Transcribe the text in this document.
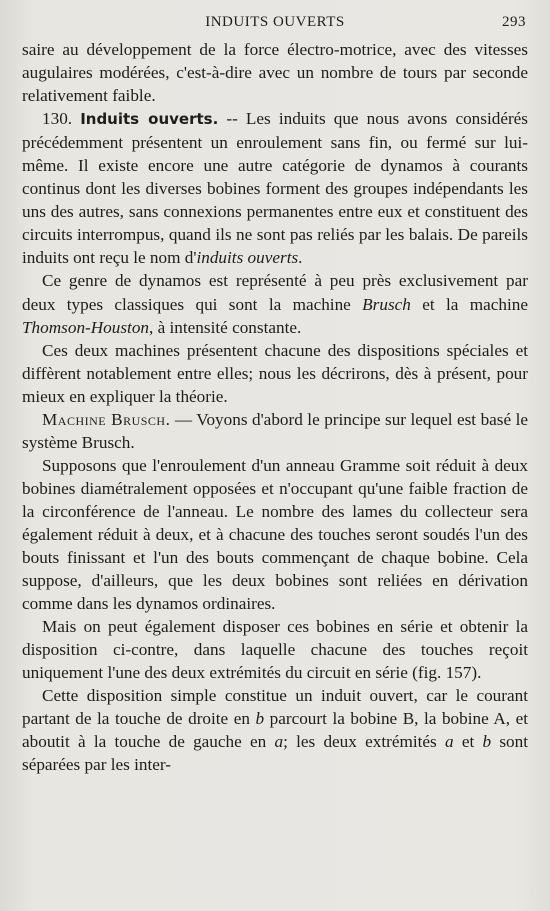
INDUITS OUVERTS	293

saire au développement de la force électro-motrice, avec des vitesses augulaires modérées, c'est-à-dire avec un nombre de tours par seconde relativement faible.

130. Induits ouverts. -- Les induits que nous avons considérés précédemment présentent un enroulement sans fin, ou fermé sur lui-même. Il existe encore une autre catégorie de dynamos à courants continus dont les diverses bobines forment des groupes indépendants les uns des autres, sans connexions permanentes entre eux et constituent des circuits interrompus, quand ils ne sont pas reliés par les balais. De pareils induits ont reçu le nom d'induits ouverts.

Ce genre de dynamos est représenté à peu près exclusivement par deux types classiques qui sont la machine Brusch et la machine Thomson-Houston, à intensité constante.

Ces deux machines présentent chacune des dispositions spéciales et diffèrent notablement entre elles; nous les décrirons, dès à présent, pour mieux en expliquer la théorie.

Machine Brusch. — Voyons d'abord le principe sur lequel est basé le système Brusch.

Supposons que l'enroulement d'un anneau Gramme soit réduit à deux bobines diamétralement opposées et n'occupant qu'une faible fraction de la circonférence de l'anneau. Le nombre des lames du collecteur sera également réduit à deux, et à chacune des touches seront soudés l'un des bouts finissant et l'un des bouts commençant de chaque bobine. Cela suppose, d'ailleurs, que les deux bobines sont reliées en dérivation comme dans les dynamos ordinaires.

Mais on peut également disposer ces bobines en série et obtenir la disposition ci-contre, dans laquelle chacune des touches reçoit uniquement l'une des deux extrémités du circuit en série (fig. 157).

Cette disposition simple constitue un induit ouvert, car le courant partant de la touche de droite en b parcourt la bobine B, la bobine A, et aboutit à la touche de gauche en a; les deux extrémités a et b sont séparées par les inter-
